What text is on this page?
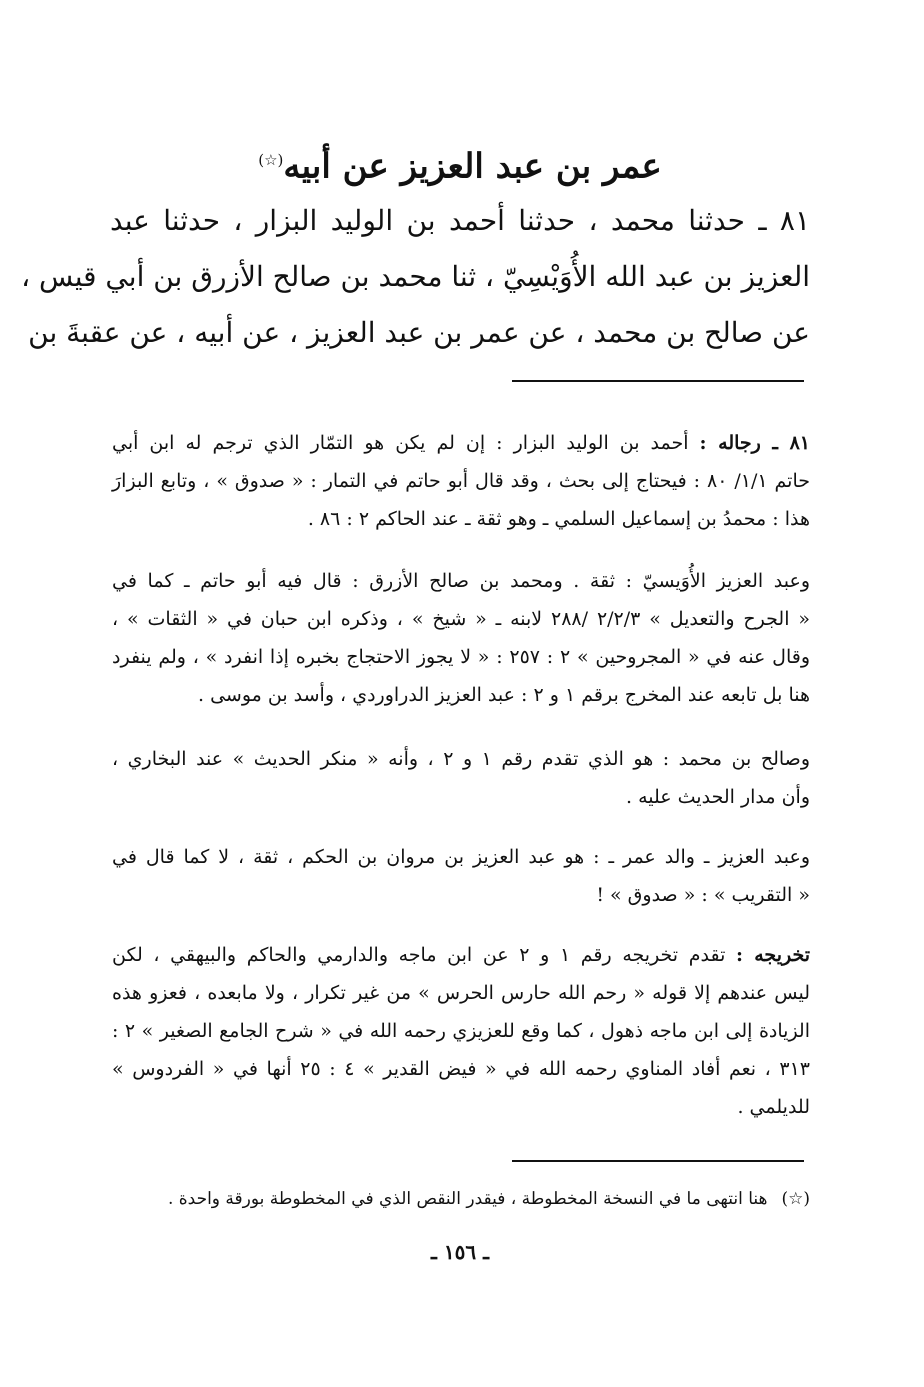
عمر بن عبد العزيز عن أبيه(☆)
٨١ ـ حدثنا محمد ، حدثنا أحمد بن الوليد البزار ، حدثنا عبد
العزيز بن عبد الله الأُوَيْسِيّ ، ثنا محمد بن صالح الأزرق بن أبي قيس ،
عن صالح بن محمد ، عن عمر بن عبد العزيز ، عن أبيه ، عن عقبةَ بن
٨١ ـ رجاله : أحمد بن الوليد البزار : إن لم يكن هو التمّار الذي ترجم له ابن أبي
حاتم ١/١/ ٨٠ : فيحتاج إلى بحث ، وقد قال أبو حاتم في التمار : « صدوق » ، وتابع البزارَ
هذا : محمدُ بن إسماعيل السلمي ـ وهو ثقة ـ عند الحاكم ٢ : ٨٦ .
وعبد العزيز الأُوَيسيّ : ثقة . ومحمد بن صالح الأزرق : قال فيه أبو حاتم ـ كما في
« الجرح والتعديل » ٢/٢/٣ /٢٨٨ لابنه ـ « شيخ » ، وذكره ابن حبان في « الثقات » ،
وقال عنه في « المجروحين » ٢ : ٢٥٧ : « لا يجوز الاحتجاج بخبره إذا انفرد » ، ولم ينفرد
هنا بل تابعه عند المخرج برقم ١ و ٢ : عبد العزيز الدراوردي ، وأسد بن موسى .
وصالح بن محمد : هو الذي تقدم رقم ١ و ٢ ، وأنه « منكر الحديث » عند البخاري ،
وأن مدار الحديث عليه .
وعبد العزيز ـ والد عمر ـ : هو عبد العزيز بن مروان بن الحكم ، ثقة ، لا كما قال في
« التقريب » : « صدوق » !
تخريجه : تقدم تخريجه رقم ١ و ٢ عن ابن ماجه والدارمي والحاكم والبيهقي ، لكن
ليس عندهم إلا قوله « رحم الله حارس الحرس » من غير تكرار ، ولا مابعده ، فعزو هذه
الزيادة إلى ابن ماجه ذهول ، كما وقع للعزيزي رحمه الله في « شرح الجامع الصغير » ٢ :
٣١٣ ، نعم أفاد المناوي رحمه الله في « فيض القدير » ٤ : ٢٥ أنها في « الفردوس »
للديلمي .

(☆)هنا انتهى ما في النسخة المخطوطة ، فيقدر النقص الذي في المخطوطة بورقة واحدة .

ـ ١٥٦ ـ
